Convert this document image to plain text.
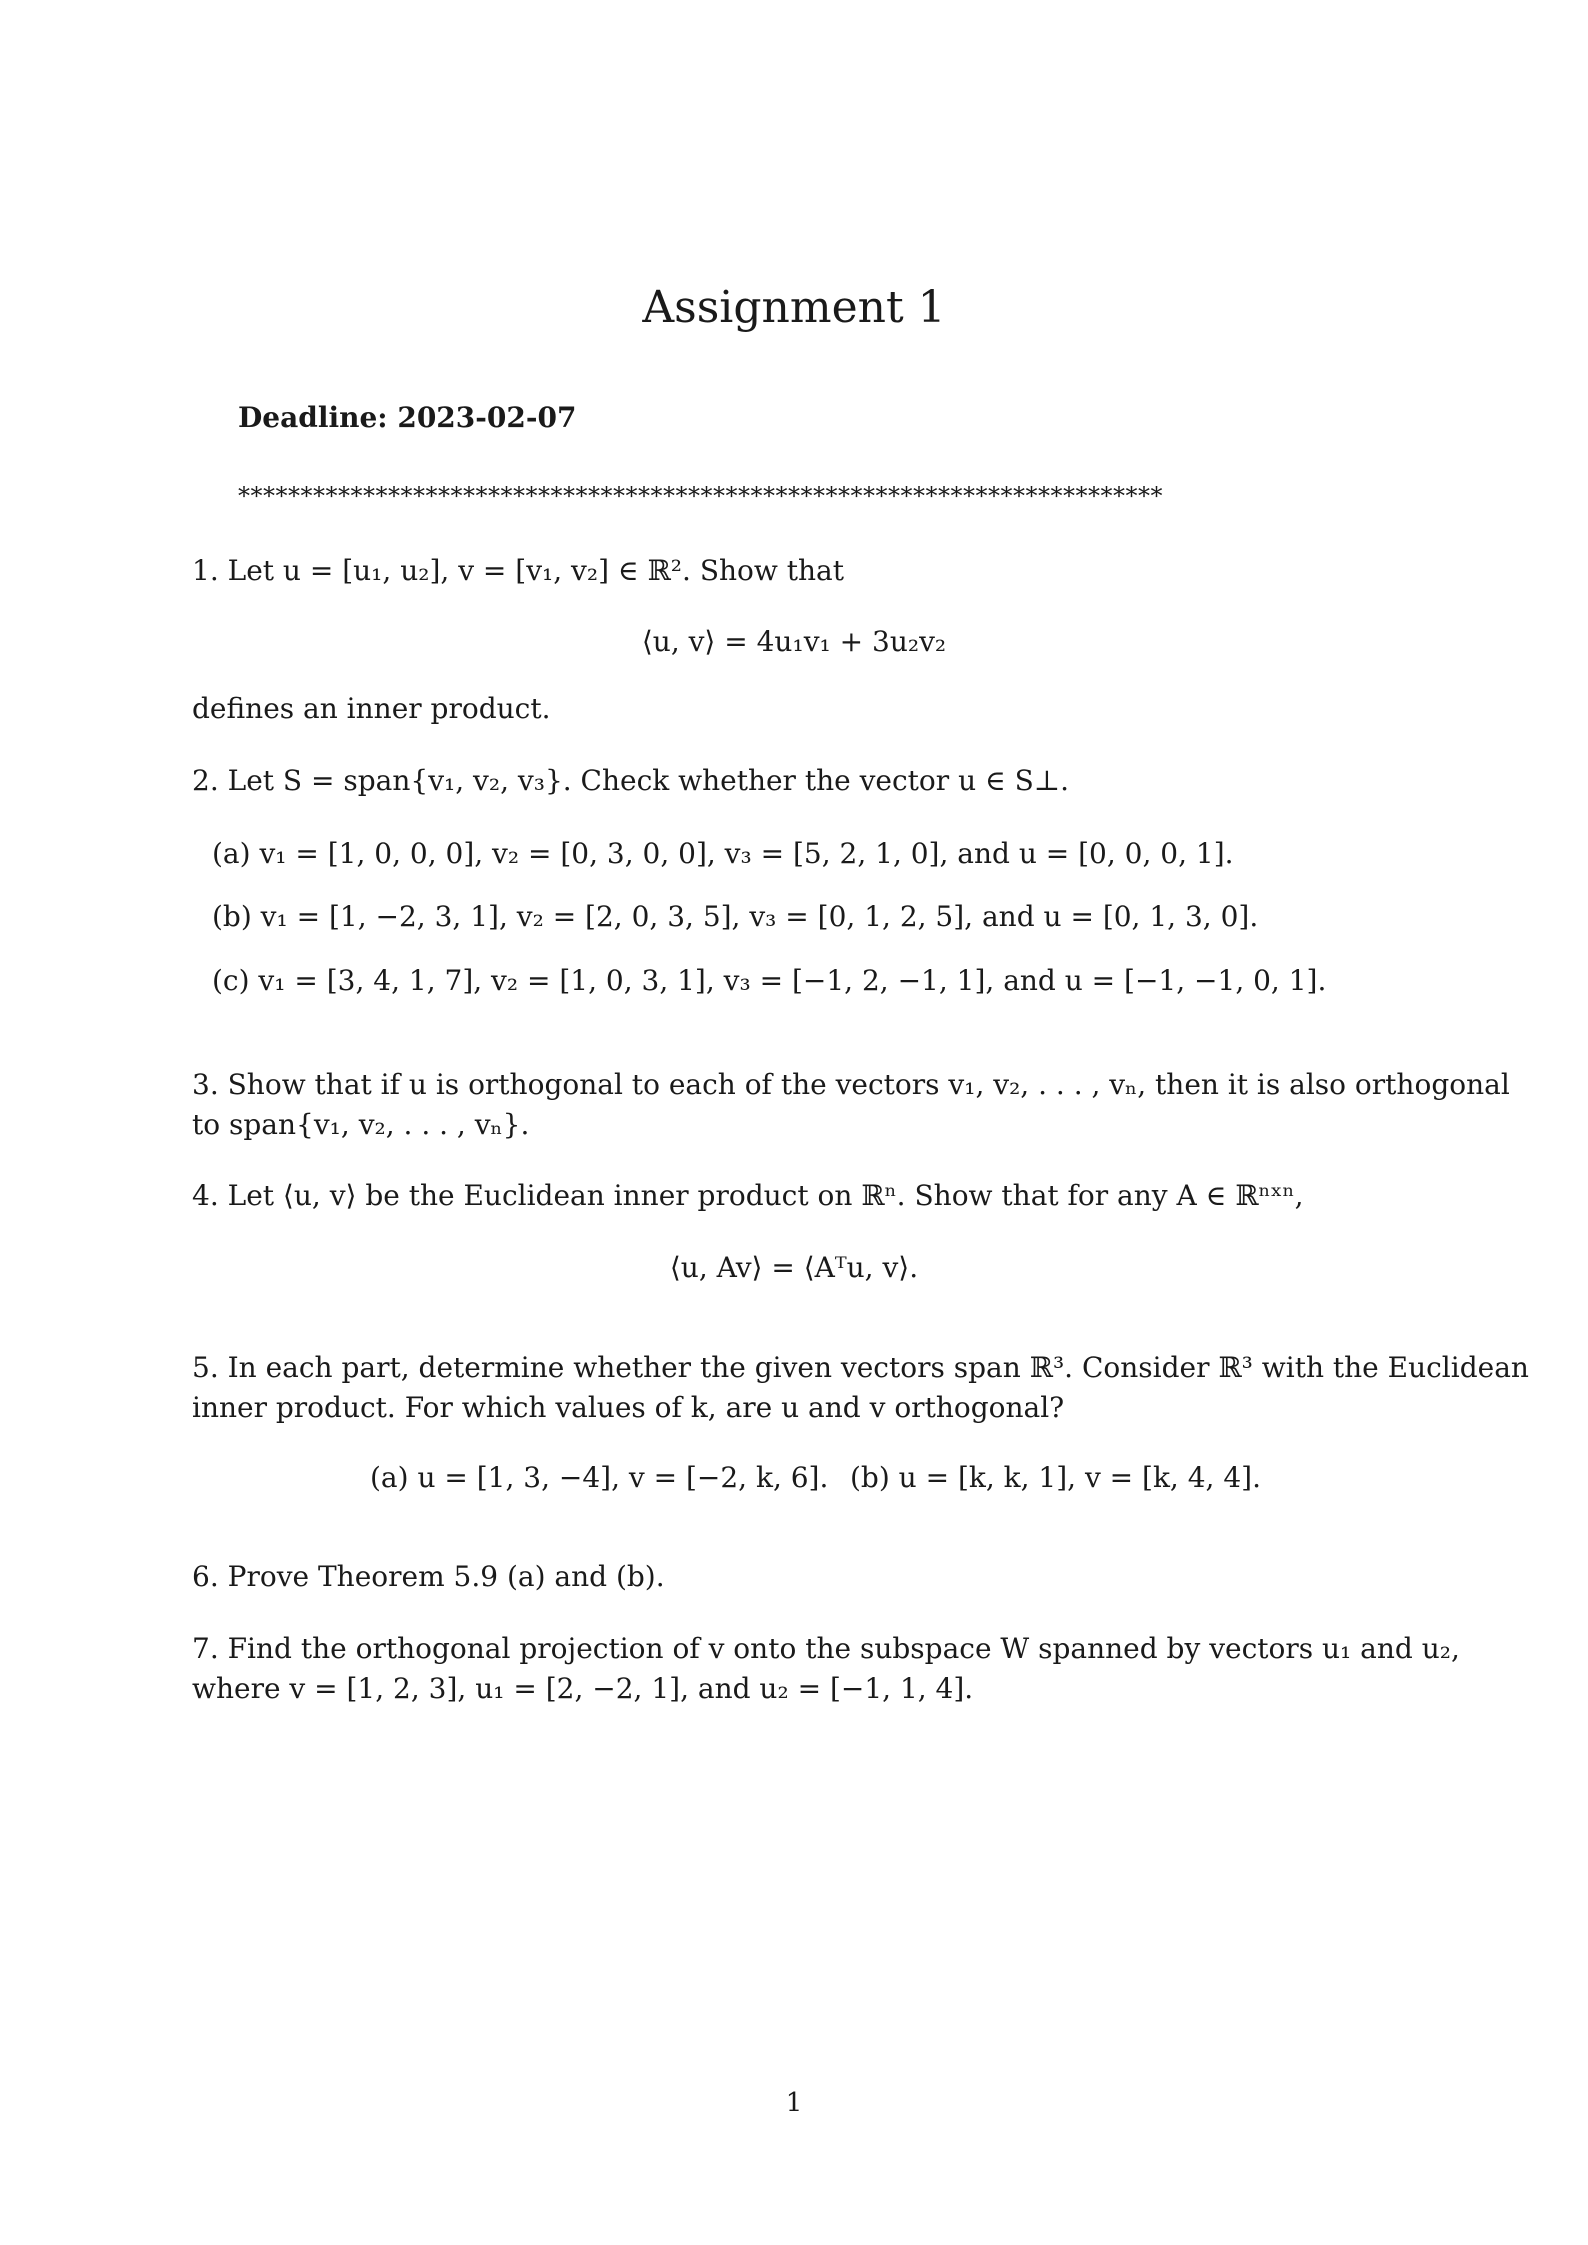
Assignment 1
Deadline: 2023-02-07
**************************************************************************
1. Let u = [u₁, u₂], v = [v₁, v₂] ∈ ℝ². Show that
⟨u, v⟩ = 4u₁v₁ + 3u₂v₂
defines an inner product.
2. Let S = span{v₁, v₂, v₃}. Check whether the vector u ∈ S⊥.
(a) v₁ = [1, 0, 0, 0], v₂ = [0, 3, 0, 0], v₃ = [5, 2, 1, 0], and u = [0, 0, 0, 1].
(b) v₁ = [1, −2, 3, 1], v₂ = [2, 0, 3, 5], v₃ = [0, 1, 2, 5], and u = [0, 1, 3, 0].
(c) v₁ = [3, 4, 1, 7], v₂ = [1, 0, 3, 1], v₃ = [−1, 2, −1, 1], and u = [−1, −1, 0, 1].
3. Show that if u is orthogonal to each of the vectors v₁, v₂, . . . , vₙ, then it is also orthogonal
to span{v₁, v₂, . . . , vₙ}.
4. Let ⟨u, v⟩ be the Euclidean inner product on ℝⁿ. Show that for any A ∈ ℝⁿˣⁿ,
⟨u, Av⟩ = ⟨Aᵀu, v⟩.
5. In each part, determine whether the given vectors span ℝ³. Consider ℝ³ with the Euclidean
inner product. For which values of k, are u and v orthogonal?
(a) u = [1, 3, −4], v = [−2, k, 6]. (b) u = [k, k, 1], v = [k, 4, 4].
6. Prove Theorem 5.9 (a) and (b).
7. Find the orthogonal projection of v onto the subspace W spanned by vectors u₁ and u₂,
where v = [1, 2, 3], u₁ = [2, −2, 1], and u₂ = [−1, 1, 4].
1
